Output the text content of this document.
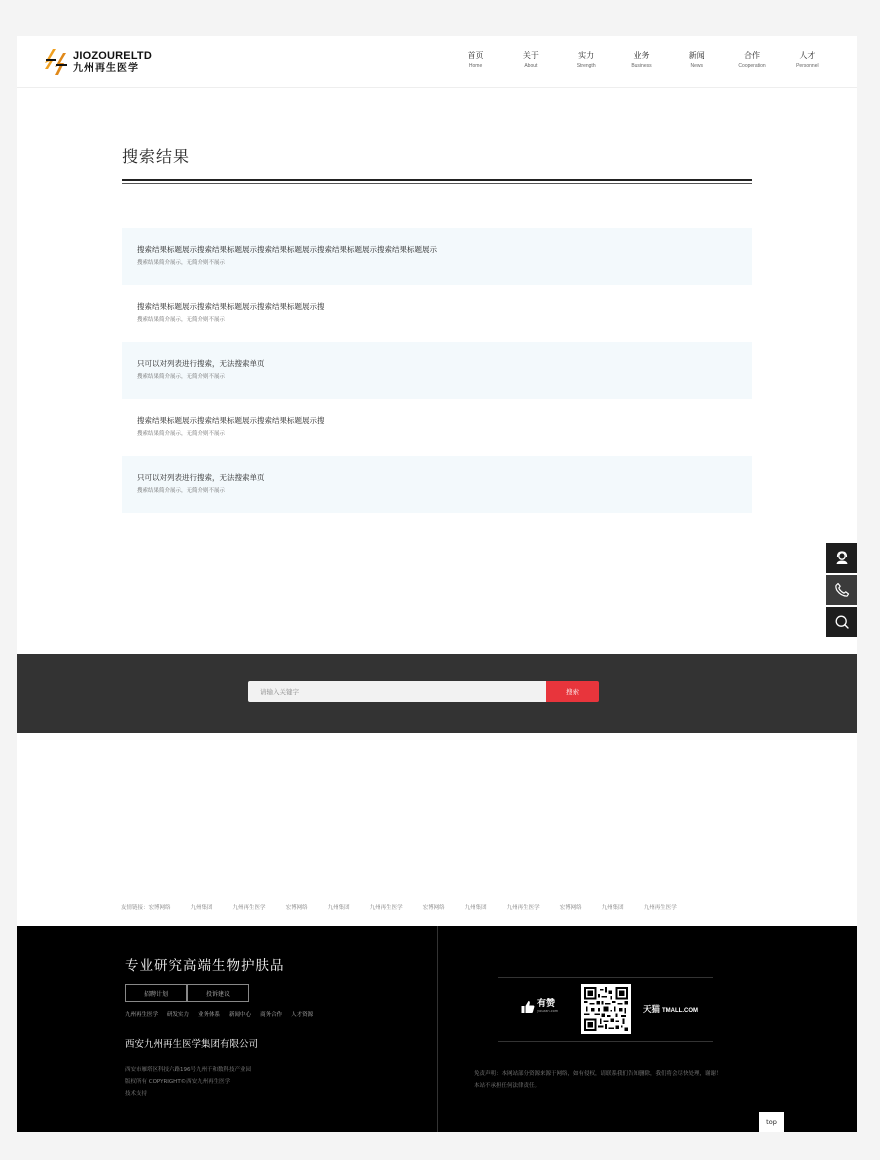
JIOZOURELTD
九州再生医学
首页
Home
关于
About
实力
Strength
业务
Business
新闻
News
合作
Cooperation
人才
Personnel
搜索结果
搜索结果标题展示搜索结果标题展示搜索结果标题展示搜索结果标题展示搜索结果标题展示
搜索结果简介展示，无简介则不展示
搜索结果标题展示搜索结果标题展示搜索结果标题展示搜
搜索结果简介展示，无简介则不展示
只可以对列表进行搜索，无法搜索单页
搜索结果简介展示，无简介则不展示
搜索结果标题展示搜索结果标题展示搜索结果标题展示搜
搜索结果简介展示，无简介则不展示
只可以对列表进行搜索，无法搜索单页
搜索结果简介展示，无简介则不展示
请输入关键字
搜索
友情链接： 宏博网络	九州集团	九州再生医学	宏博网络	九州集团	九州再生医学	宏博网络	九州集团	九州再生医学	宏博网络	九州集团	九州再生医学
专业研究高端生物护肤品
招聘计划	投诉建议
九州再生医学 研发实力 业务体系 新闻中心 商务合作 人才资源
西安九州再生医学集团有限公司
西安市雁塔区科技六路196号九州千和数科技产业园
版权所有 COPYRIGHT©西安九州再生医学
技术支持
有赞
youzan.com	天猫 TMALL.COM
免责声明：本网站部分资源来源于网络，如有侵权，请联系我们告知删除，我们将会尽快处理，谢谢！
本站不承担任何法律责任。
top
